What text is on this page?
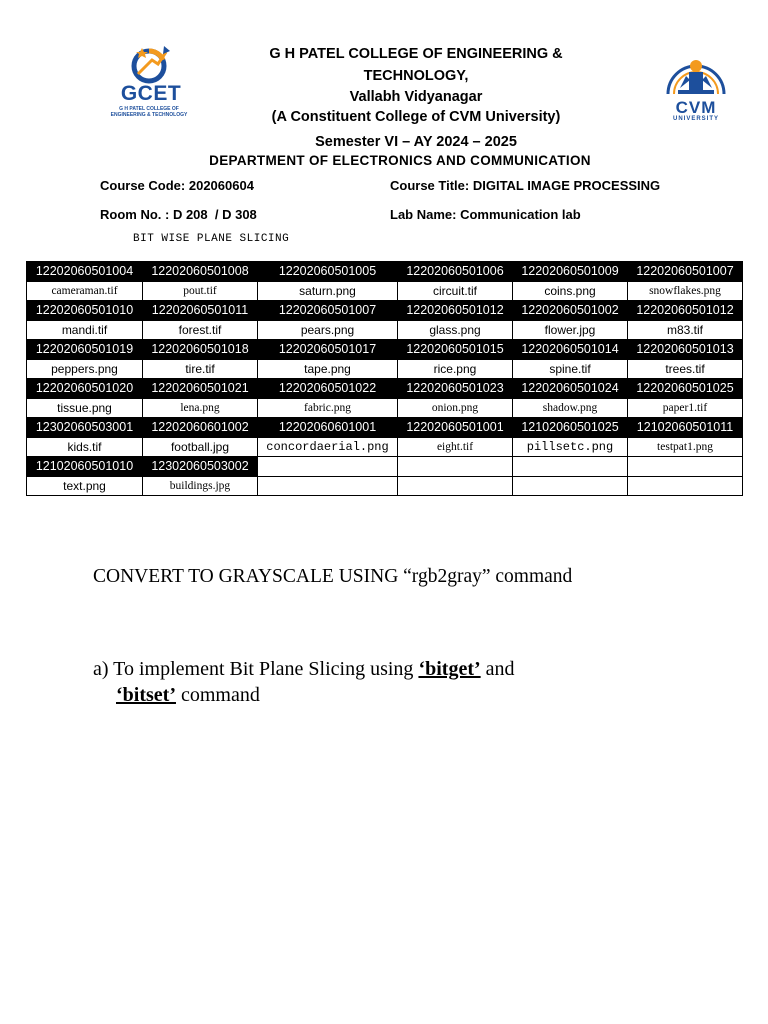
GCET
G H PATEL COLLEGE OF
ENGINEERING & TECHNOLOGY	CVM
UNIVERSITY
G H PATEL COLLEGE OF ENGINEERING &
TECHNOLOGY,
Vallabh Vidyanagar
(A Constituent College of CVM University)
Semester VI – AY 2024 – 2025
DEPARTMENT OF ELECTRONICS AND COMMUNICATION
Course Code: 202060604	Course Title: DIGITAL IMAGE PROCESSING
Room No. : D 208  / D 308	Lab Name: Communication lab
BIT WISE PLANE SLICING
12202060501004	12202060501008	12202060501005	12202060501006	12202060501009	12202060501007
cameraman.tif	pout.tif	saturn.png	circuit.tif	coins.png	snowflakes.png
12202060501010	12202060501011	12202060501007	12202060501012	12202060501002	12202060501012
mandi.tif	forest.tif	pears.png	glass.png	flower.jpg	m83.tif
12202060501019	12202060501018	12202060501017	12202060501015	12202060501014	12202060501013
peppers.png	tire.tif	tape.png	rice.png	spine.tif	trees.tif
12202060501020	12202060501021	12202060501022	12202060501023	12202060501024	12202060501025
tissue.png	lena.png	fabric.png	onion.png	shadow.png	paper1.tif
12302060503001	12202060601002	12202060601001	12202060501001	12102060501025	12102060501011
kids.tif	football.jpg	concordaerial.png	eight.tif	pillsetc.png	testpat1.png
12102060501010	12302060503002				
text.png	buildings.jpg				
CONVERT TO GRAYSCALE USING “rgb2gray” command
a) To implement Bit Plane Slicing using ‘bitget’ and
‘bitset’ command
